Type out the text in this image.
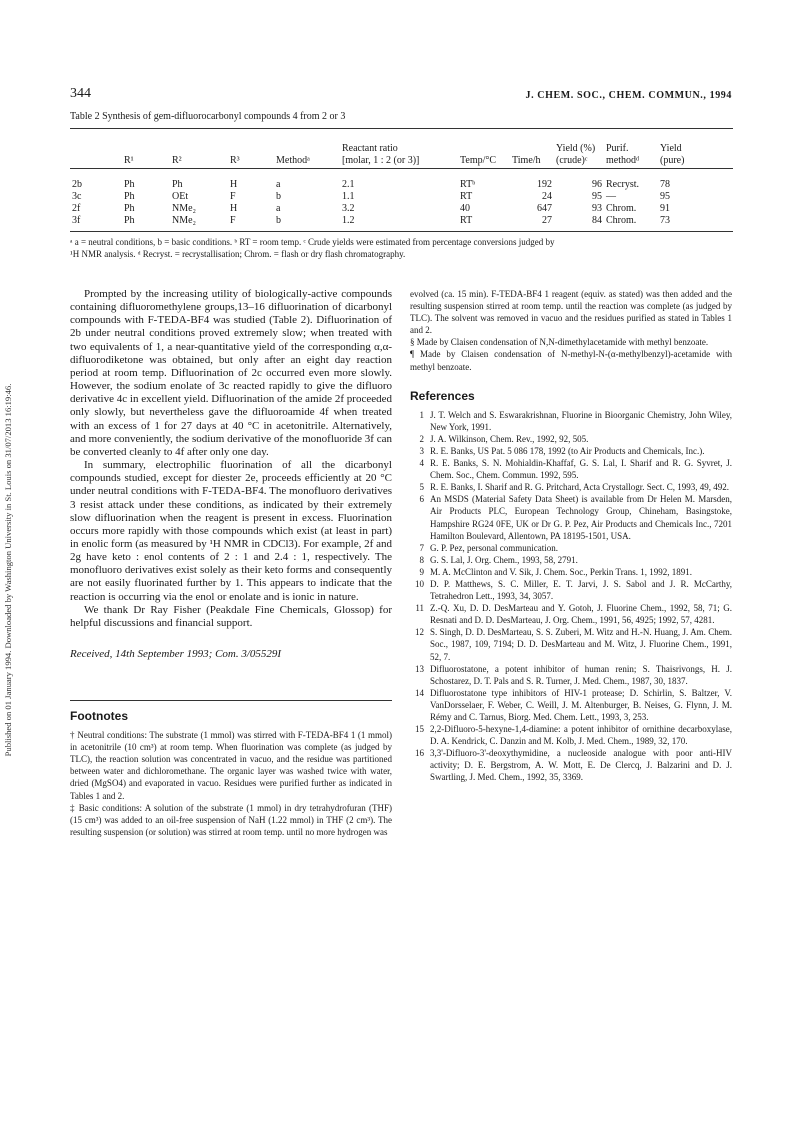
Published on 01 January 1994. Downloaded by Washington University in St. Louis on 31/07/2013 16:19:46.
344	J. CHEM. SOC., CHEM. COMMUN., 1994
Table 2 Synthesis of gem-difluorocarbonyl compounds 4 from 2 or 3
					Reactant ratio			Yield (%)	Purif.	Yield
	R¹	R²	R³	Methodᵃ	[molar, 1 : 2 (or 3)]	Temp/°C	Time/h	(crude)ᶜ	methodᵈ	(pure)
2b	Ph	Ph	H	a	2.1	RTᵇ	192	96	Recryst.	78
3c	Ph	OEt	F	b	1.1	RT	24	95	—	95
2f	Ph	NMe₂	H	a	3.2	40	647	93	Chrom.	91
3f	Ph	NMe₂	F	b	1.2	RT	27	84	Chrom.	73
ᵃ a = neutral conditions, b = basic conditions. ᵇ RT = room temp. ᶜ Crude yields were estimated from percentage conversions judged by
¹H NMR analysis. ᵈ Recryst. = recrystallisation; Chrom. = flash or dry flash chromatography.

Prompted by the increasing utility of biologically-active compounds containing difluoromethylene groups,13–16 difluorination of dicarbonyl compounds with F-TEDA-BF4 was studied (Table 2). Difluorination of 2b under neutral conditions proved extremely slow; when treated with two equivalents of 1, a near-quantitative yield of the corresponding α,α-difluorodiketone was obtained, but only after an eight day reaction period at room temp. Difluorination of 2c occurred even more slowly. However, the sodium enolate of 3c reacted rapidly to give the difluoro derivative 4c in excellent yield. Difluorination of the amide 2f proceeded only slowly, but nevertheless gave the difluoroamide 4f when treated with an excess of 1 for 27 days at 40 °C in acetonitrile. Alternatively, and more conveniently, the sodium derivative of the monofluoride 3f can be converted cleanly to 4f after only one day.

In summary, electrophilic fluorination of all the dicarbonyl compounds studied, except for diester 2e, proceeds efficiently at 20 °C under neutral conditions with F-TEDA-BF4. The monofluoro derivatives 3 resist attack under these conditions, as indicated by their extremely slow difluorination when the reagent is present in excess. Fluorination occurs more rapidly with those compounds which exist (at least in part) in enolic form (as measured by ¹H NMR in CDCl3). For example, 2f and 2g have keto : enol contents of 2 : 1 and 2.4 : 1, respectively. The monofluoro derivatives exist solely as their keto forms and consequently are not easily fluorinated further by 1. This appears to indicate that the reaction is occurring via the enol or enolate and is ionic in nature.

We thank Dr Ray Fisher (Peakdale Fine Chemicals, Glossop) for helpful discussions and financial support.

Received, 14th September 1993; Com. 3/05529I
Footnotes

† Neutral conditions: The substrate (1 mmol) was stirred with F-TEDA-BF4 1 (1 mmol) in acetonitrile (10 cm³) at room temp. When fluorination was complete (as judged by TLC), the reaction solution was concentrated in vacuo, and the residue was partitioned between water and dichloromethane. The organic layer was washed twice with water, dried (MgSO4) and evaporated in vacuo. Residues were purified further as indicated in Tables 1 and 2.

‡ Basic conditions: A solution of the substrate (1 mmol) in dry tetrahydrofuran (THF) (15 cm³) was added to an oil-free suspension of NaH (1.22 mmol) in THF (2 cm³). The resulting suspension (or solution) was stirred at room temp. until no more hydrogen was

evolved (ca. 15 min). F-TEDA-BF4 1 reagent (equiv. as stated) was then added and the resulting suspension stirred at room temp. until the reaction was complete (as judged by TLC). The solvent was removed in vacuo and the residues purified as stated in Tables 1 and 2.

§ Made by Claisen condensation of N,N-dimethylacetamide with methyl benzoate.

¶ Made by Claisen condensation of N-methyl-N-(α-methylbenzyl)-acetamide with methyl benzoate.

References
1 J. T. Welch and S. Eswarakrishnan, Fluorine in Bioorganic Chemistry, John Wiley, New York, 1991.
2 J. A. Wilkinson, Chem. Rev., 1992, 92, 505.
3 R. E. Banks, US Pat. 5 086 178, 1992 (to Air Products and Chemicals, Inc.).
4 R. E. Banks, S. N. Mohialdin-Khaffaf, G. S. Lal, I. Sharif and R. G. Syvret, J. Chem. Soc., Chem. Commun. 1992, 595.
5 R. E. Banks, I. Sharif and R. G. Pritchard, Acta Crystallogr. Sect. C, 1993, 49, 492.
6 An MSDS (Material Safety Data Sheet) is available from Dr Helen M. Marsden, Air Products PLC, European Technology Group, Chineham, Basingstoke, Hampshire RG24 0FE, UK or Dr G. P. Pez, Air Products and Chemicals Inc., 7201 Hamilton Boulevard, Allentown, PA 18195-1501, USA.
7 G. P. Pez, personal communication.
8 G. S. Lal, J. Org. Chem., 1993, 58, 2791.
9 M. A. McClinton and V. Sik, J. Chem. Soc., Perkin Trans. 1, 1992, 1891.
10 D. P. Matthews, S. C. Miller, E. T. Jarvi, J. S. Sabol and J. R. McCarthy, Tetrahedron Lett., 1993, 34, 3057.
11 Z.-Q. Xu, D. D. DesMarteau and Y. Gotoh, J. Fluorine Chem., 1992, 58, 71; G. Resnati and D. D. DesMarteau, J. Org. Chem., 1991, 56, 4925; 1992, 57, 4281.
12 S. Singh, D. D. DesMarteau, S. S. Zuberi, M. Witz and H.-N. Huang, J. Am. Chem. Soc., 1987, 109, 7194; D. D. DesMarteau and M. Witz, J. Fluorine Chem., 1991, 52, 7.
13 Difluorostatone, a potent inhibitor of human renin; S. Thaisrivongs, H. J. Schostarez, D. T. Pals and S. R. Turner, J. Med. Chem., 1987, 30, 1837.
14 Difluorostatone type inhibitors of HIV-1 protease; D. Schirlin, S. Baltzer, V. VanDorsselaer, F. Weber, C. Weill, J. M. Altenburger, B. Neises, G. Flynn, J. M. Rémy and C. Tarnus, Biorg. Med. Chem. Lett., 1993, 3, 253.
15 2,2-Difluoro-5-hexyne-1,4-diamine: a potent inhibitor of ornithine decarboxylase, D. A. Kendrick, C. Danzin and M. Kolb, J. Med. Chem., 1989, 32, 170.
16 3,3'-Difluoro-3'-deoxythymidine, a nucleoside analogue with poor anti-HIV activity; D. E. Bergstrom, A. W. Mott, E. De Clercq, J. Balzarini and D. J. Swartling, J. Med. Chem., 1992, 35, 3369.
